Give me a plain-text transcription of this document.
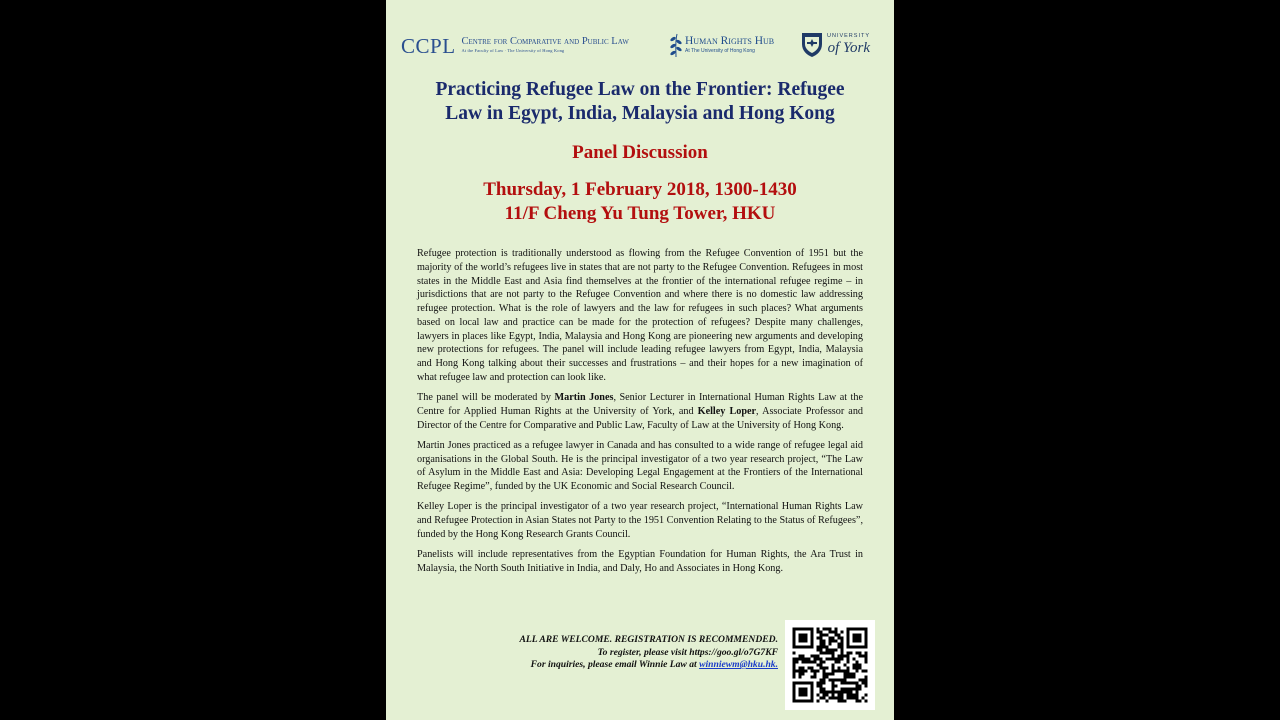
CCPL Centre for Comparative and Public Law
At the Faculty of Law · The University of Hong Kong
Human Rights Hub
At The University of Hong Kong
UNIVERSITY
of York
Practicing Refugee Law on the Frontier: Refugee
Law in Egypt, India, Malaysia and Hong Kong
Panel Discussion
Thursday, 1 February 2018, 1300-1430
11/F Cheng Yu Tung Tower, HKU

Refugee protection is traditionally understood as flowing from the Refugee Convention of 1951 but the majority of the world’s refugees live in states that are not party to the Refugee Convention. Refugees in most states in the Middle East and Asia find themselves at the frontier of the international refugee regime – in jurisdictions that are not party to the Refugee Convention and where there is no domestic law addressing refugee protection. What is the role of lawyers and the law for refugees in such places? What arguments based on local law and practice can be made for the protection of refugees? Despite many challenges, lawyers in places like Egypt, India, Malaysia and Hong Kong are pioneering new arguments and developing new protections for refugees. The panel will include leading refugee lawyers from Egypt, India, Malaysia and Hong Kong talking about their successes and frustrations – and their hopes for a new imagination of what refugee law and protection can look like.

The panel will be moderated by Martin Jones, Senior Lecturer in International Human Rights Law at the Centre for Applied Human Rights at the University of York, and Kelley Loper, Associate Professor and Director of the Centre for Comparative and Public Law, Faculty of Law at the University of Hong Kong.

Martin Jones practiced as a refugee lawyer in Canada and has consulted to a wide range of refugee legal aid organisations in the Global South. He is the principal investigator of a two year research project, “The Law of Asylum in the Middle East and Asia: Developing Legal Engagement at the Frontiers of the International Refugee Regime”, funded by the UK Economic and Social Research Council.

Kelley Loper is the principal investigator of a two year research project, “International Human Rights Law and Refugee Protection in Asian States not Party to the 1951 Convention Relating to the Status of Refugees”, funded by the Hong Kong Research Grants Council.

Panelists will include representatives from the Egyptian Foundation for Human Rights, the Ara Trust in Malaysia, the North South Initiative in India, and Daly, Ho and Associates in Hong Kong.

ALL ARE WELCOME. REGISTRATION IS RECOMMENDED.
To register, please visit https://goo.gl/o7G7KF
For inquiries, please email Winnie Law at winniewm@hku.hk.
